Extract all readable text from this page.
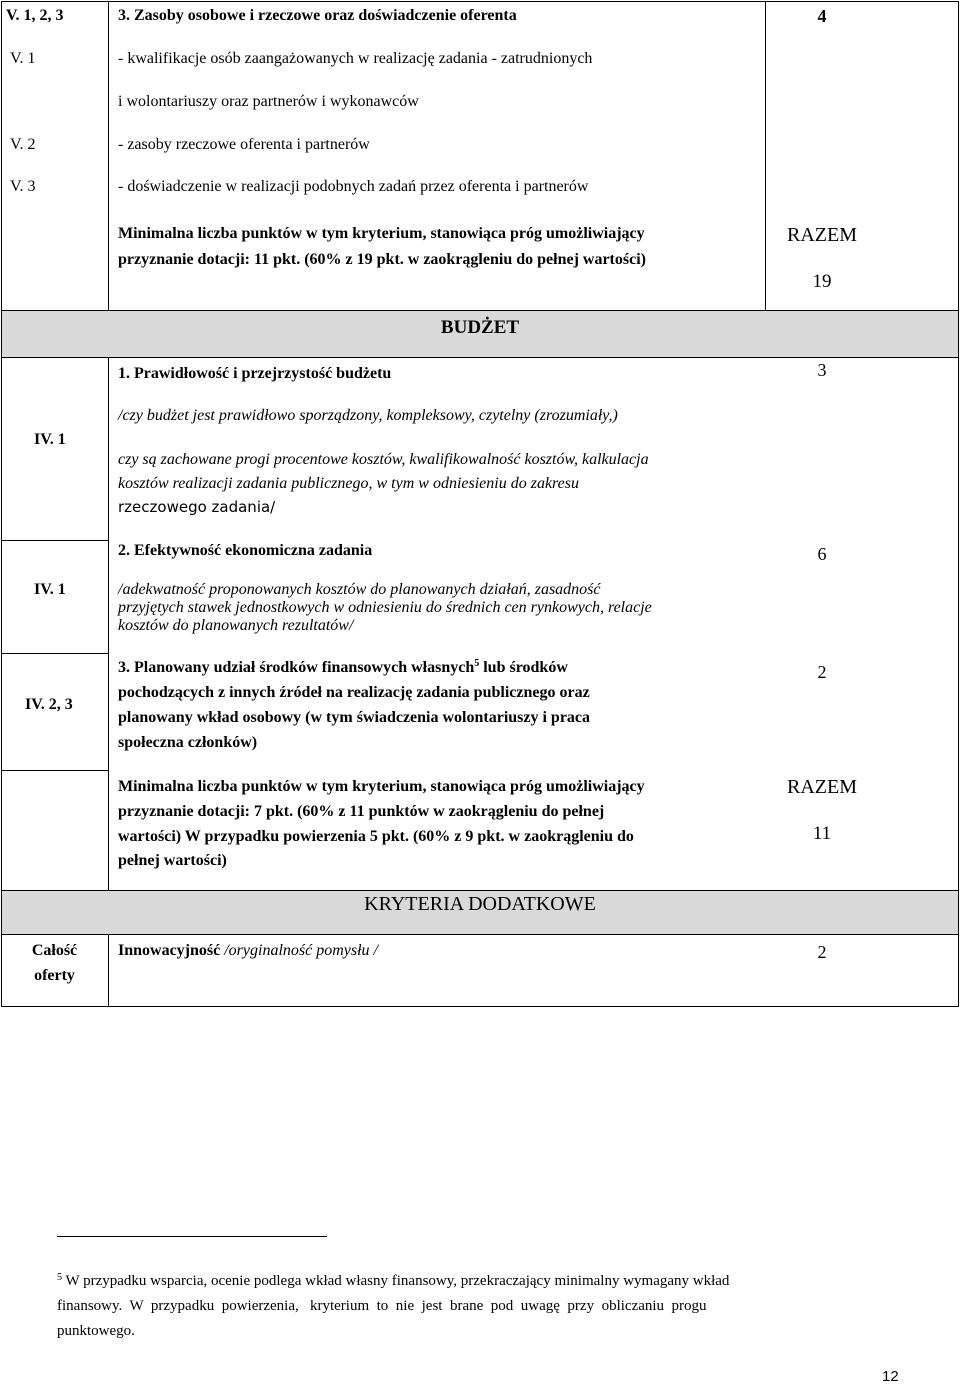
V. 1, 2, 3
V. 1
V. 2
V. 3
3. Zasoby osobowe i rzeczowe oraz doświadczenie oferenta
- kwalifikacje osób zaangażowanych w realizację zadania - zatrudnionych
i wolontariuszy oraz partnerów i wykonawców
- zasoby rzeczowe oferenta i partnerów
- doświadczenie w realizacji podobnych zadań przez oferenta i partnerów
4
Minimalna liczba punktów w tym kryterium, stanowiąca próg umożliwiający
przyznanie dotacji: 11 pkt. (60% z 19 pkt. w zaokrągleniu do pełnej wartości)
RAZEM
19
BUDŻET
IV. 1
1. Prawidłowość i przejrzystość budżetu
/czy budżet jest prawidłowo sporządzony, kompleksowy, czytelny (zrozumiały,)
czy są zachowane progi procentowe kosztów, kwalifikowalność kosztów, kalkulacja
kosztów realizacji zadania publicznego, w tym w odniesieniu do zakresu
rzeczowego zadania/
3
IV. 1
2. Efektywność ekonomiczna zadania
/adekwatność proponowanych kosztów do planowanych działań, zasadność
przyjętych stawek jednostkowych w odniesieniu do średnich cen rynkowych, relacje
kosztów do planowanych rezultatów/
6
IV. 2, 3
3. Planowany udział środków finansowych własnych$^5$ lub środków
pochodzących z innych źródeł na realizację zadania publicznego oraz
planowany wkład osobowy (w tym świadczenia wolontariuszy i praca
społeczna członków)
2
Minimalna liczba punktów w tym kryterium, stanowiąca próg umożliwiający
przyznanie dotacji: 7 pkt. (60% z 11 punktów w zaokrągleniu do pełnej
wartości) W przypadku powierzenia 5 pkt. (60% z 9 pkt. w zaokrągleniu do
pełnej wartości)
RAZEM
11
KRYTERIA DODATKOWE
Całość
oferty
Innowacyjność /oryginalność pomysłu /	2
$^5$ W przypadku wsparcia, ocenie podlega wkład własny finansowy, przekraczający minimalny wymagany wkład
finansowy.  W  przypadku  powierzenia,   kryterium  to  nie  jest  brane  pod  uwagę  przy  obliczaniu  progu
punktowego.
12
